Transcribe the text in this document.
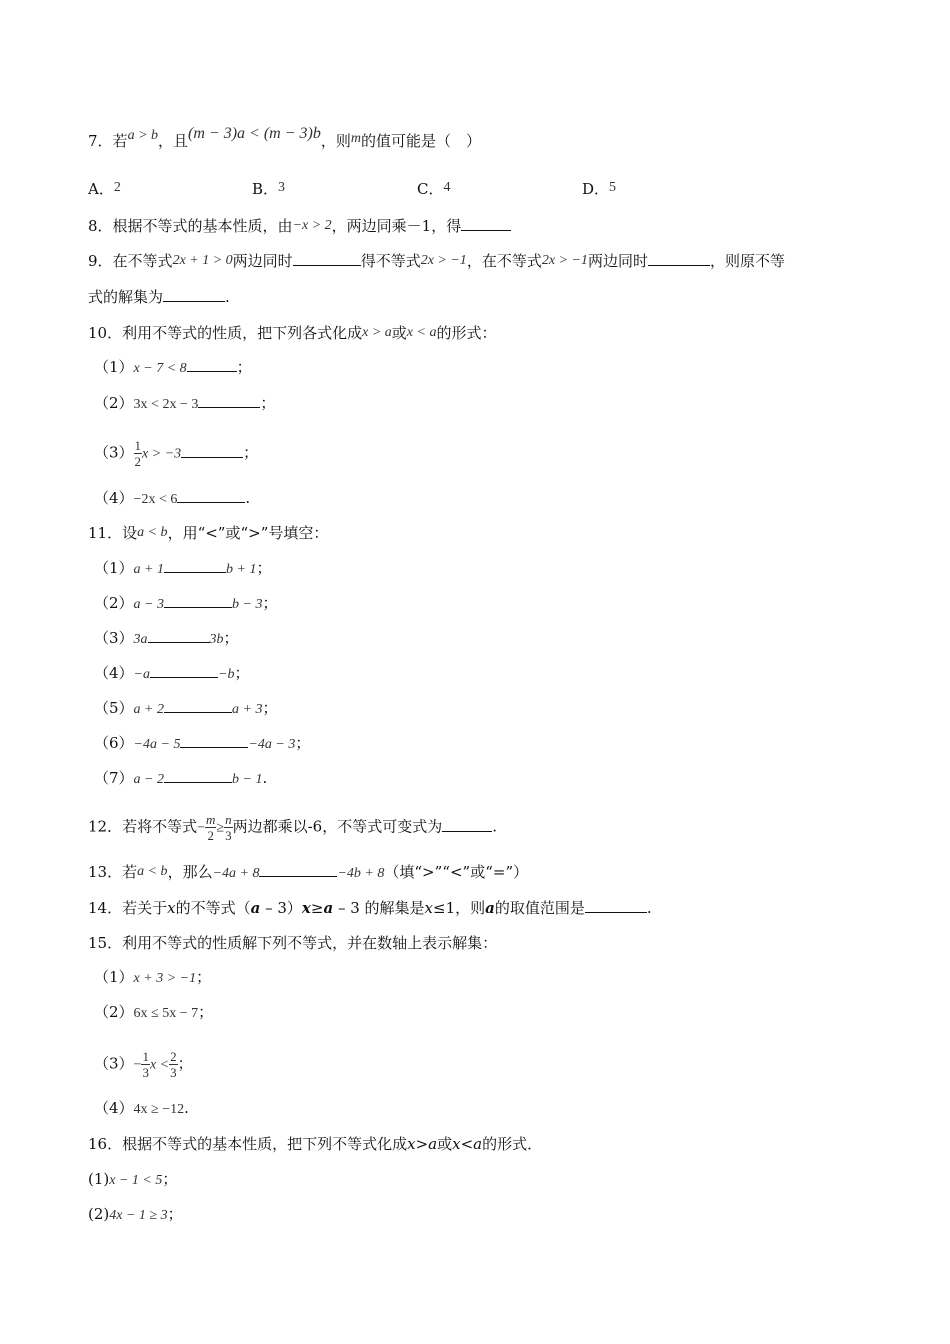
7．若a > b，且(m − 3)a < (m − 3)b，则m的值可能是（　）
A．2	B．3	C．4	D．5
8．根据不等式的基本性质，由−x > 2，两边同乘－1，得
9．在不等式2x + 1 > 0两边同时	得不等式2x > −1，在不等式2x > −1两边同时	，则原不等
式的解集为	.
10．利用不等式的性质，把下列各式化成x > a或x < a的形式：
（1）x − 7 < 8	；
（2）3x < 2x − 3	；
$(3) \frac{1}{2}$ x > −3	；
（4）−2x < 6	.
11．设a < b，用“<”或“>”号填空：
（1）a + 1	b + 1；
（2）a − 3	b − 3；
（3）3a	3b；
（4）−a	−b；
（5）a + 2	a + 3；
（6）−4a − 5	−4a − 3；
（7）a − 2	b − 1.
12．若将不等式− $\frac{m}{2} \ge \frac{n}{3}$ 两边都乘以-6，不等式可变式为	.
13．若a < b，那么−4a + 8	−4b + 8（填“>”“<”或“=”）
14．若关于x的不等式（a – 3）x≥a – 3 的解集是x≤1，则a的取值范围是	.
15．利用不等式的性质解下列不等式，并在数轴上表示解集：
（1）x + 3 > −1；
（2）6x ≤ 5x − 7；
$(3)- \frac{1}{3}$ $x < \frac{2}{3}$ ；
（4）4x ≥ −12.
16．根据不等式的基本性质，把下列不等式化成x>a或x<a的形式．
(1)x − 1 < 5；
(2)4x − 1 ≥ 3；
